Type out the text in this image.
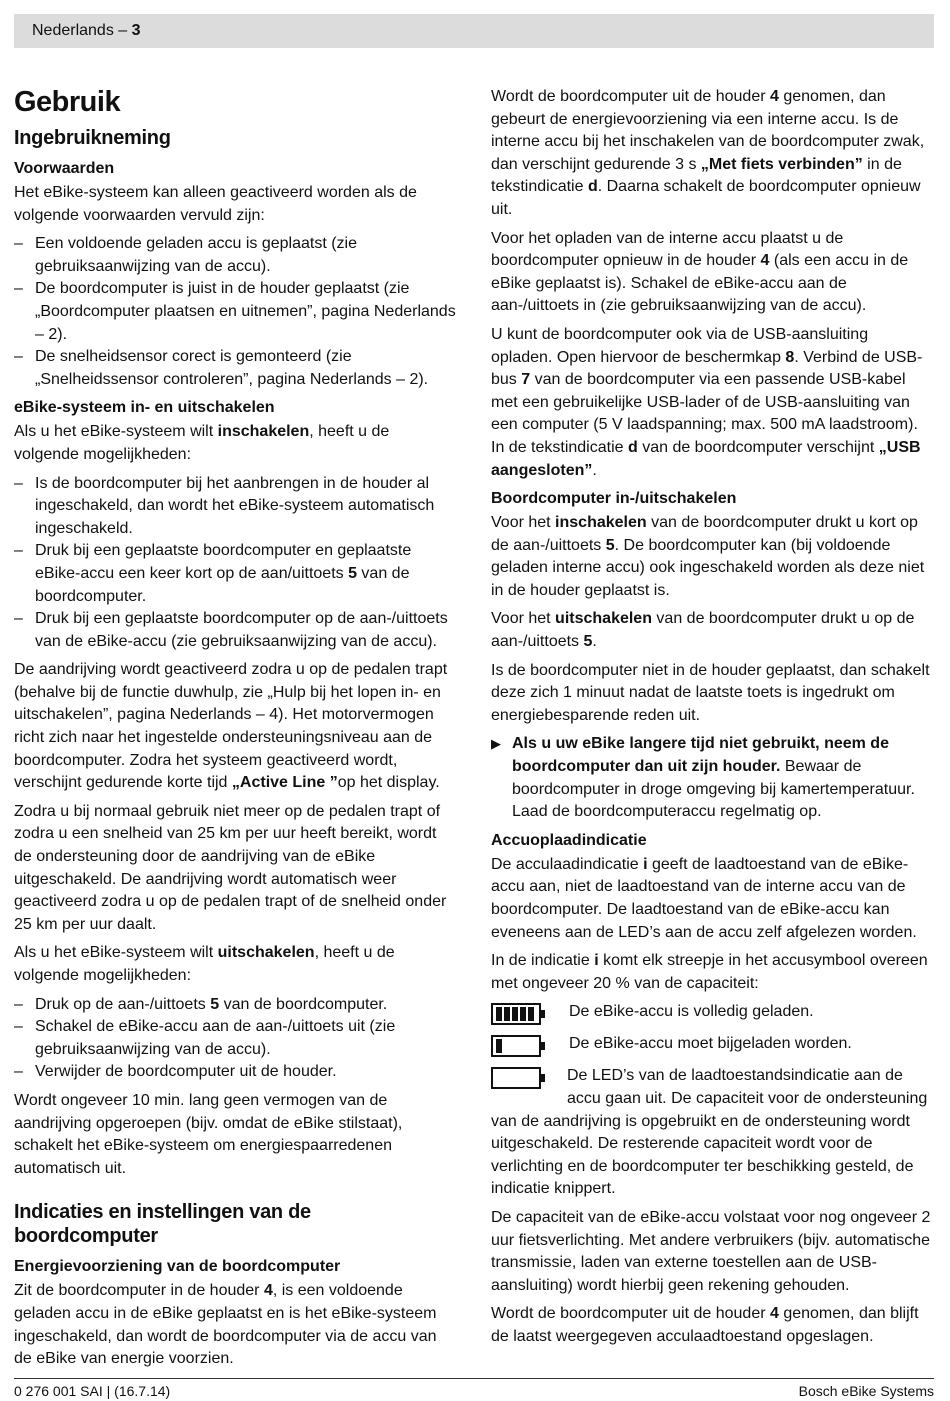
Nederlands – 3
Gebruik
Ingebruikneming
Voorwaarden

Het eBike-systeem kan alleen geactiveerd worden als de volgende voorwaarden vervuld zijn:

– Een voldoende geladen accu is geplaatst (zie gebruiksaanwijzing van de accu).
– De boordcomputer is juist in de houder geplaatst (zie „Boordcomputer plaatsen en uitnemen”, pagina Nederlands – 2).
– De snelheidsensor corect is gemonteerd (zie „Snelheidssensor controleren”, pagina Nederlands – 2).
eBike-systeem in- en uitschakelen

Als u het eBike-systeem wilt inschakelen, heeft u de volgende mogelijkheden:

– Is de boordcomputer bij het aanbrengen in de houder al ingeschakeld, dan wordt het eBike-systeem automatisch ingeschakeld.
– Druk bij een geplaatste boordcomputer en geplaatste eBike-accu een keer kort op de aan/uittoets 5 van de boordcomputer.
– Druk bij een geplaatste boordcomputer op de aan-/uittoets van de eBike-accu (zie gebruiksaanwijzing van de accu).

De aandrijving wordt geactiveerd zodra u op de pedalen trapt (behalve bij de functie duwhulp, zie „Hulp bij het lopen in- en uitschakelen”, pagina Nederlands – 4). Het motorvermogen richt zich naar het ingestelde ondersteuningsniveau aan de boordcomputer. Zodra het systeem geactiveerd wordt, verschijnt gedurende korte tijd „Active Line ”op het display.

Zodra u bij normaal gebruik niet meer op de pedalen trapt of zodra u een snelheid van 25 km per uur heeft bereikt, wordt de ondersteuning door de aandrijving van de eBike uitgeschakeld. De aandrijving wordt automatisch weer geactiveerd zodra u op de pedalen trapt of de snelheid onder 25 km per uur daalt.

Als u het eBike-systeem wilt uitschakelen, heeft u de volgende mogelijkheden:

– Druk op de aan-/uittoets 5 van de boordcomputer.
– Schakel de eBike-accu aan de aan-/uittoets uit (zie gebruiksaanwijzing van de accu).
– Verwijder de boordcomputer uit de houder.

Wordt ongeveer 10 min. lang geen vermogen van de aandrijving opgeroepen (bijv. omdat de eBike stilstaat), schakelt het eBike-systeem om energiespaarredenen automatisch uit.

Indicaties en instellingen van de boordcomputer
Energievoorziening van de boordcomputer

Zit de boordcomputer in de houder 4, is een voldoende geladen accu in de eBike geplaatst en is het eBike-systeem ingeschakeld, dan wordt de boordcomputer via de accu van de eBike van energie voorzien.

Wordt de boordcomputer uit de houder 4 genomen, dan gebeurt de energievoorziening via een interne accu. Is de interne accu bij het inschakelen van de boordcomputer zwak, dan verschijnt gedurende 3 s „Met fiets verbinden” in de tekstindicatie d. Daarna schakelt de boordcomputer opnieuw uit.

Voor het opladen van de interne accu plaatst u de boordcomputer opnieuw in de houder 4 (als een accu in de eBike geplaatst is). Schakel de eBike-accu aan de aan-/uittoets in (zie gebruiksaanwijzing van de accu).

U kunt de boordcomputer ook via de USB-aansluiting opladen. Open hiervoor de beschermkap 8. Verbind de USB-bus 7 van de boordcomputer via een passende USB-kabel met een gebruikelijke USB-lader of de USB-aansluiting van een computer (5 V laadspanning; max. 500 mA laadstroom). In de tekstindicatie d van de boordcomputer verschijnt „USB aangesloten”.

Boordcomputer in-/uitschakelen

Voor het inschakelen van de boordcomputer drukt u kort op de aan-/uittoets 5. De boordcomputer kan (bij voldoende geladen interne accu) ook ingeschakeld worden als deze niet in de houder geplaatst is.

Voor het uitschakelen van de boordcomputer drukt u op de aan-/uittoets 5.

Is de boordcomputer niet in de houder geplaatst, dan schakelt deze zich 1 minuut nadat de laatste toets is ingedrukt om energiebesparende reden uit.

▶ Als u uw eBike langere tijd niet gebruikt, neem de boordcomputer dan uit zijn houder. Bewaar de boordcomputer in droge omgeving bij kamertemperatuur. Laad de boordcomputeraccu regelmatig op.
Accuoplaadindicatie

De acculaadindicatie i geeft de laadtoestand van de eBike-accu aan, niet de laadtoestand van de interne accu van de boordcomputer. De laadtoestand van de eBike-accu kan eveneens aan de LED’s aan de accu zelf afgelezen worden.

In de indicatie i komt elk streepje in het accusymbool overeen met ongeveer 20 % van de capaciteit:

De eBike-accu is volledig geladen.
De eBike-accu moet bijgeladen worden.
De LED’s van de laadtoestandsindicatie aan de accu gaan uit. De capaciteit voor de ondersteuning van de aandrijving is opgebruikt en de ondersteuning wordt uitgeschakeld. De resterende capaciteit wordt voor de verlichting en de boordcomputer ter beschikking gesteld, de indicatie knippert.

De capaciteit van de eBike-accu volstaat voor nog ongeveer 2 uur fietsverlichting. Met andere verbruikers (bijv. automatische transmissie, laden van externe toestellen aan de USB-aansluiting) wordt hierbij geen rekening gehouden.

Wordt de boordcomputer uit de houder 4 genomen, dan blijft de laatst weergegeven acculaadtoestand opgeslagen.

0 276 001 SAI | (16.7.14)	Bosch eBike Systems
